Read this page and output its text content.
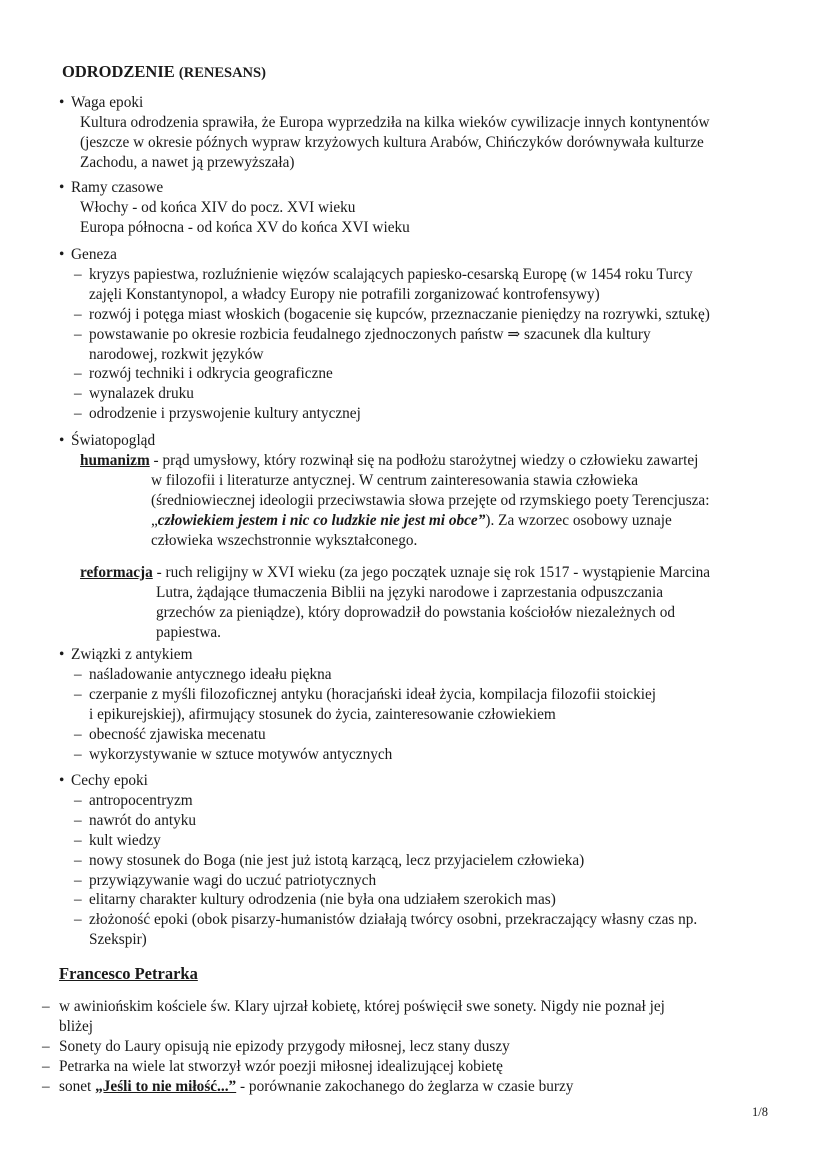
ODRODZENIE (RENESANS)
• Waga epoki
Kultura odrodzenia sprawiła, że Europa wyprzedziła na kilka wieków cywilizacje innych kontynentów
(jeszcze w okresie późnych wypraw krzyżowych kultura Arabów, Chińczyków dorównywała kulturze
Zachodu, a nawet ją przewyższała)
• Ramy czasowe
Włochy - od końca XIV do pocz. XVI wieku
Europa północna - od końca XV do końca XVI wieku
• Geneza
– kryzys papiestwa, rozluźnienie więzów scalających papiesko-cesarską Europę (w 1454 roku Turcy
zajęli Konstantynopol, a władcy Europy nie potrafili zorganizować kontrofensywy)
– rozwój i potęga miast włoskich (bogacenie się kupców, przeznaczanie pieniędzy na rozrywki, sztukę)
– powstawanie po okresie rozbicia feudalnego zjednoczonych państw ⇒ szacunek dla kultury
narodowej, rozkwit języków
– rozwój techniki i odkrycia geograficzne
– wynalazek druku
– odrodzenie i przyswojenie kultury antycznej
• Światopogląd
humanizm - prąd umysłowy, który rozwinął się na podłożu starożytnej wiedzy o człowieku zawartej
w filozofii i literaturze antycznej. W centrum zainteresowania stawia człowieka
(średniowiecznej ideologii przeciwstawia słowa przejęte od rzymskiego poety Terencjusza:
„człowiekiem jestem i nic co ludzkie nie jest mi obce”). Za wzorzec osobowy uznaje
człowieka wszechstronnie wykształconego.
reformacja - ruch religijny w XVI wieku (za jego początek uznaje się rok 1517 - wystąpienie Marcina
Lutra, żądające tłumaczenia Biblii na języki narodowe i zaprzestania odpuszczania
grzechów za pieniądze), który doprowadził do powstania kościołów niezależnych od
papiestwa.
• Związki z antykiem
– naśladowanie antycznego ideału piękna
– czerpanie z myśli filozoficznej antyku (horacjański ideał życia, kompilacja filozofii stoickiej
i epikurejskiej), afirmujący stosunek do życia, zainteresowanie człowiekiem
– obecność zjawiska mecenatu
– wykorzystywanie w sztuce motywów antycznych
• Cechy epoki
– antropocentryzm
– nawrót do antyku
– kult wiedzy
– nowy stosunek do Boga (nie jest już istotą karzącą, lecz przyjacielem człowieka)
– przywiązywanie wagi do uczuć patriotycznych
– elitarny charakter kultury odrodzenia (nie była ona udziałem szerokich mas)
– złożoność epoki (obok pisarzy-humanistów działają twórcy osobni, przekraczający własny czas np.
Szekspir)
Francesco Petrarka
– w awiniońskim kościele św. Klary ujrzał kobietę, której poświęcił swe sonety. Nigdy nie poznał jej
bliżej
– Sonety do Laury opisują nie epizody przygody miłosnej, lecz stany duszy
– Petrarka na wiele lat stworzył wzór poezji miłosnej idealizującej kobietę
– sonet „Jeśli to nie miłość...” - porównanie zakochanego do żeglarza w czasie burzy
1/8
